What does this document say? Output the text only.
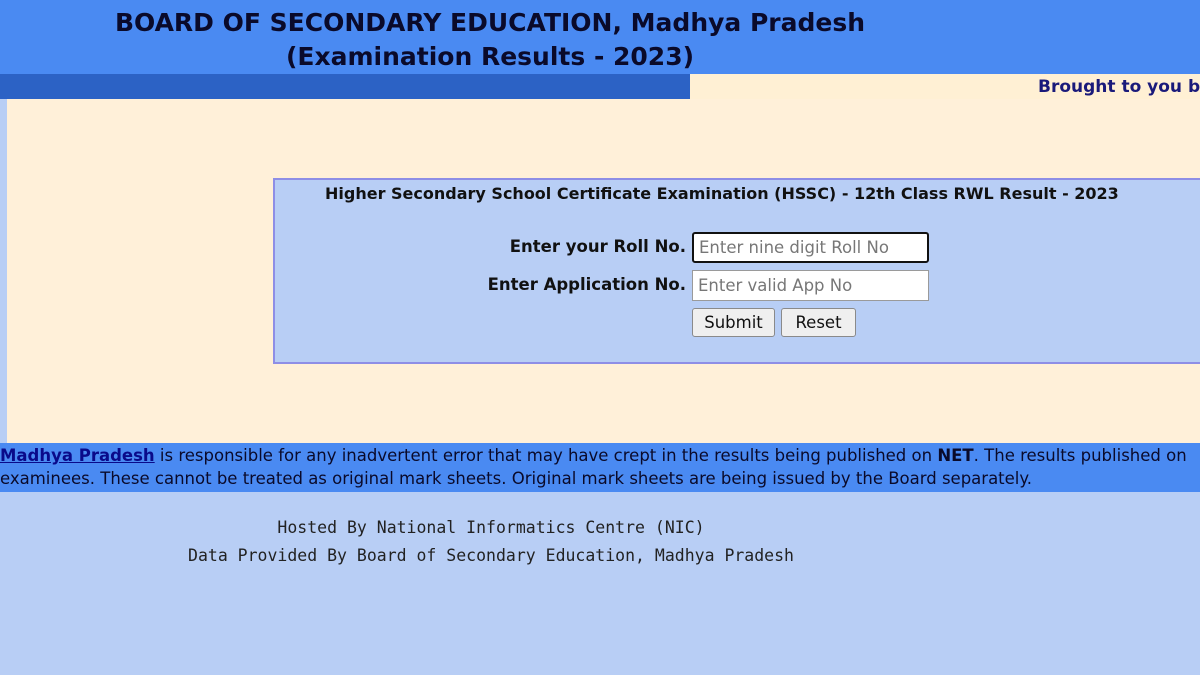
BOARD OF SECONDARY EDUCATION, Madhya Pradesh
(Examination Results - 2023)
Brought to you b
Higher Secondary School Certificate Examination (HSSC) - 12th Class RWL Result - 2023
Enter your Roll No.
Enter nine digit Roll No
Enter Application No.
Enter valid App No
Submit	Reset
Madhya Pradesh is responsible for any inadvertent error that may have crept in the results being published on NET. The results published on
examinees. These cannot be treated as original mark sheets. Original mark sheets are being issued by the Board separately.
Hosted By National Informatics Centre (NIC)
Data Provided By Board of Secondary Education, Madhya Pradesh
